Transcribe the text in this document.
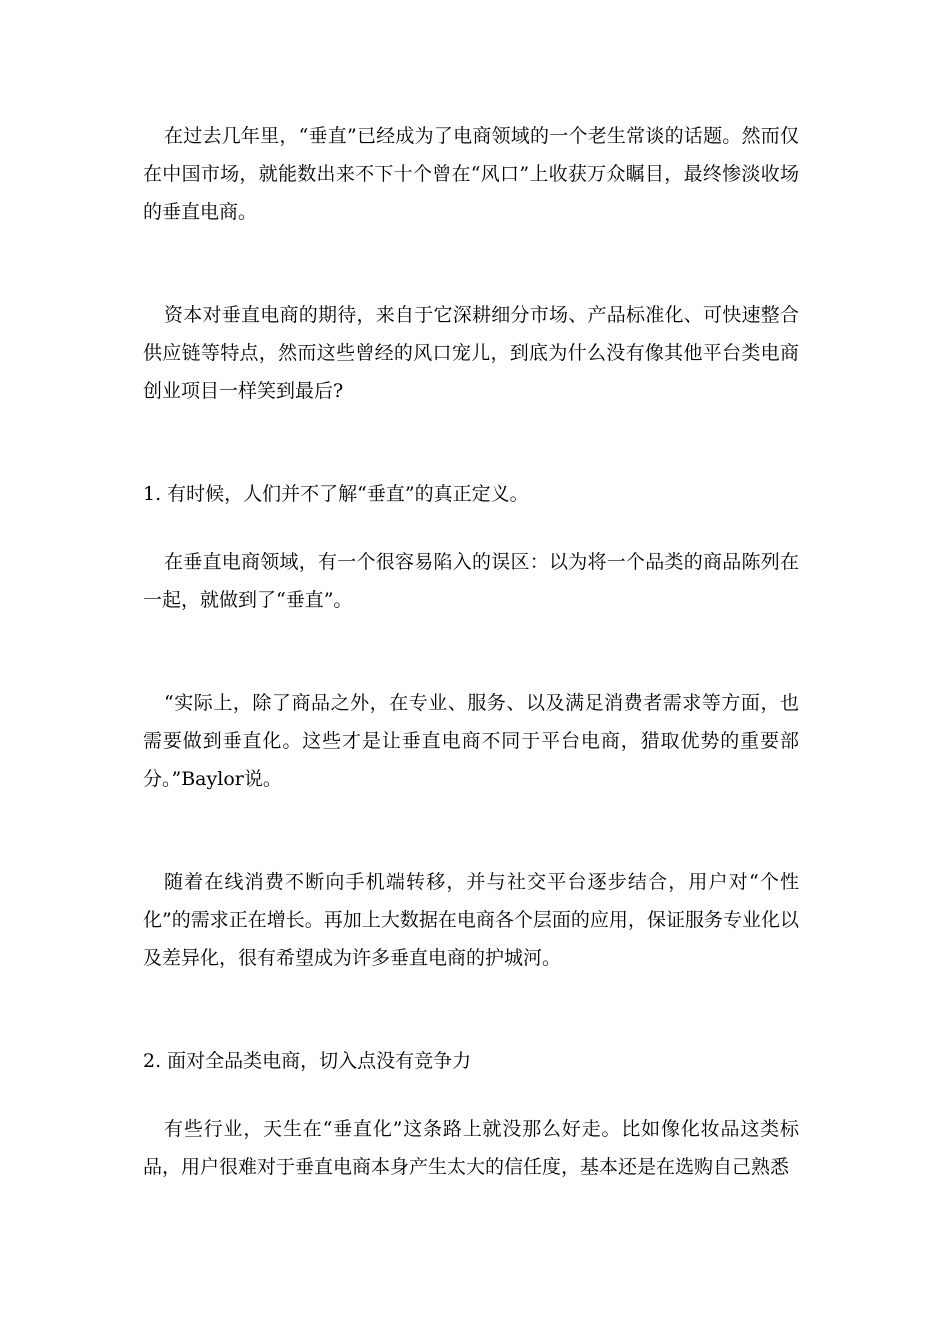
在过去几年里，“垂直”已经成为了电商领域的一个老生常谈的话题。然而仅在中国市场，就能数出来不下十个曾在“风口”上收获万众瞩目，最终惨淡收场的垂直电商。

资本对垂直电商的期待，来自于它深耕细分市场、产品标准化、可快速整合供应链等特点，然而这些曾经的风口宠儿，到底为什么没有像其他平台类电商创业项目一样笑到最后?

1. 有时候，人们并不了解“垂直”的真正定义。

在垂直电商领域，有一个很容易陷入的误区：以为将一个品类的商品陈列在一起，就做到了“垂直”。

“实际上，除了商品之外，在专业、服务、以及满足消费者需求等方面，也需要做到垂直化。这些才是让垂直电商不同于平台电商，猎取优势的重要部分。”Baylor说。

随着在线消费不断向手机端转移，并与社交平台逐步结合，用户对“个性化”的需求正在增长。再加上大数据在电商各个层面的应用，保证服务专业化以及差异化，很有希望成为许多垂直电商的护城河。

2. 面对全品类电商，切入点没有竞争力

有些行业，天生在“垂直化”这条路上就没那么好走。比如像化妆品这类标品，用户很难对于垂直电商本身产生太大的信任度，基本还是在选购自己熟悉
